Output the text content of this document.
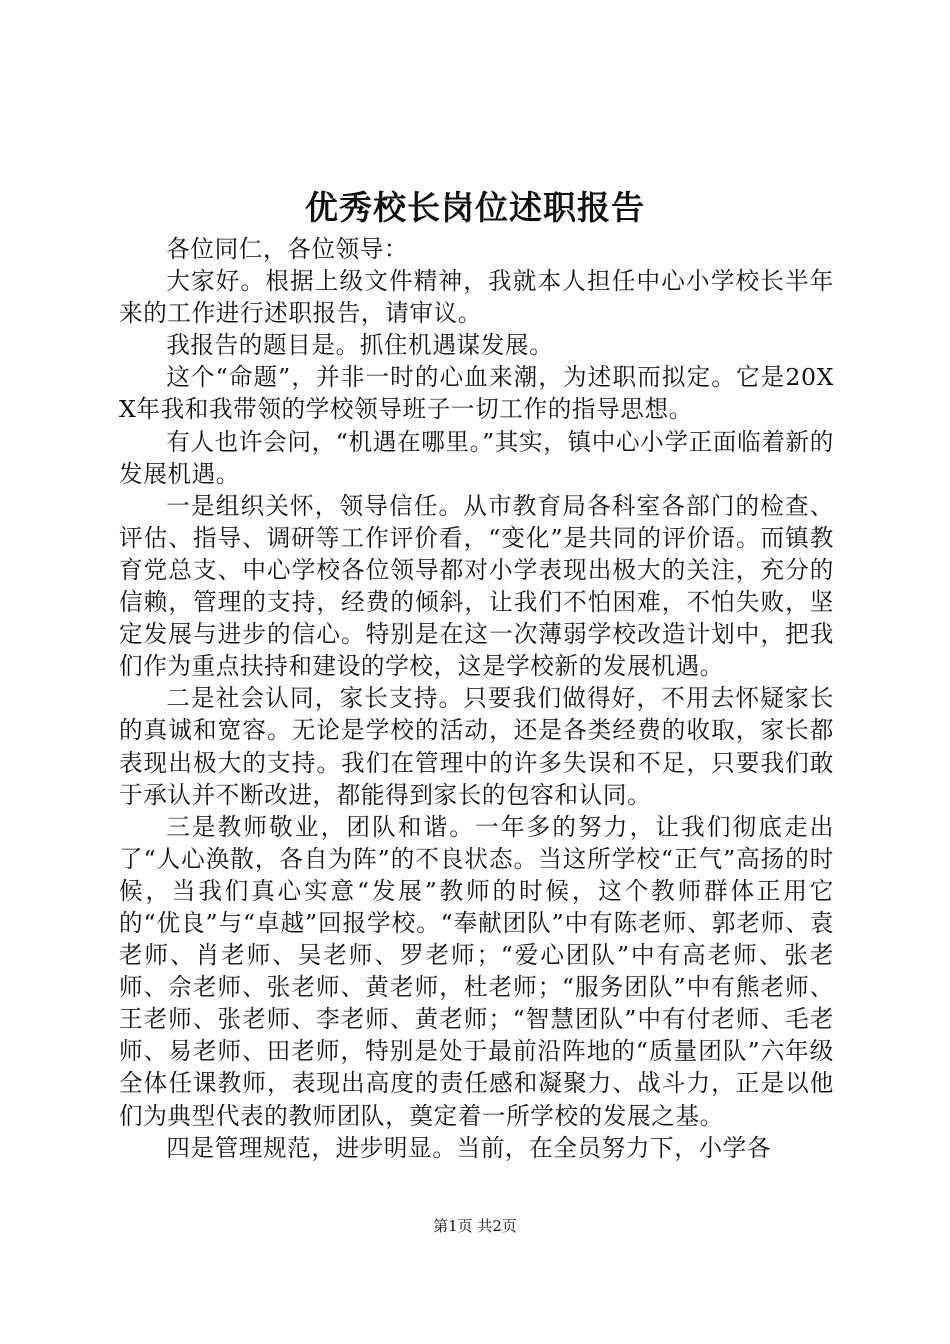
优秀校长岗位述职报告

各位同仁，各位领导：

大家好。根据上级文件精神，我就本人担任中心小学校长半年来的工作进行述职报告，请审议。

我报告的题目是。抓住机遇谋发展。

这个“命题”，并非一时的心血来潮，为述职而拟定。它是20XX年我和我带领的学校领导班子一切工作的指导思想。

有人也许会问，“机遇在哪里。”其实，镇中心小学正面临着新的发展机遇。

一是组织关怀，领导信任。从市教育局各科室各部门的检查、评估、指导、调研等工作评价看，“变化”是共同的评价语。而镇教育党总支、中心学校各位领导都对小学表现出极大的关注，充分的信赖，管理的支持，经费的倾斜，让我们不怕困难，不怕失败，坚定发展与进步的信心。特别是在这一次薄弱学校改造计划中，把我们作为重点扶持和建设的学校，这是学校新的发展机遇。

二是社会认同，家长支持。只要我们做得好，不用去怀疑家长的真诚和宽容。无论是学校的活动，还是各类经费的收取，家长都表现出极大的支持。我们在管理中的许多失误和不足，只要我们敢于承认并不断改进，都能得到家长的包容和认同。

三是教师敬业，团队和谐。一年多的努力，让我们彻底走出了“人心涣散，各自为阵”的不良状态。当这所学校“正气”高扬的时候，当我们真心实意“发展”教师的时候，这个教师群体正用它的“优良”与“卓越”回报学校。“奉献团队”中有陈老师、郭老师、袁老师、肖老师、吴老师、罗老师；“爱心团队”中有高老师、张老师、佘老师、张老师、黄老师，杜老师；“服务团队”中有熊老师、王老师、张老师、李老师、黄老师；“智慧团队”中有付老师、毛老师、易老师、田老师，特别是处于最前沿阵地的“质量团队”六年级全体任课教师，表现出高度的责任感和凝聚力、战斗力，正是以他们为典型代表的教师团队，奠定着一所学校的发展之基。

四是管理规范，进步明显。当前，在全员努力下，小学各

第1页 共2页
